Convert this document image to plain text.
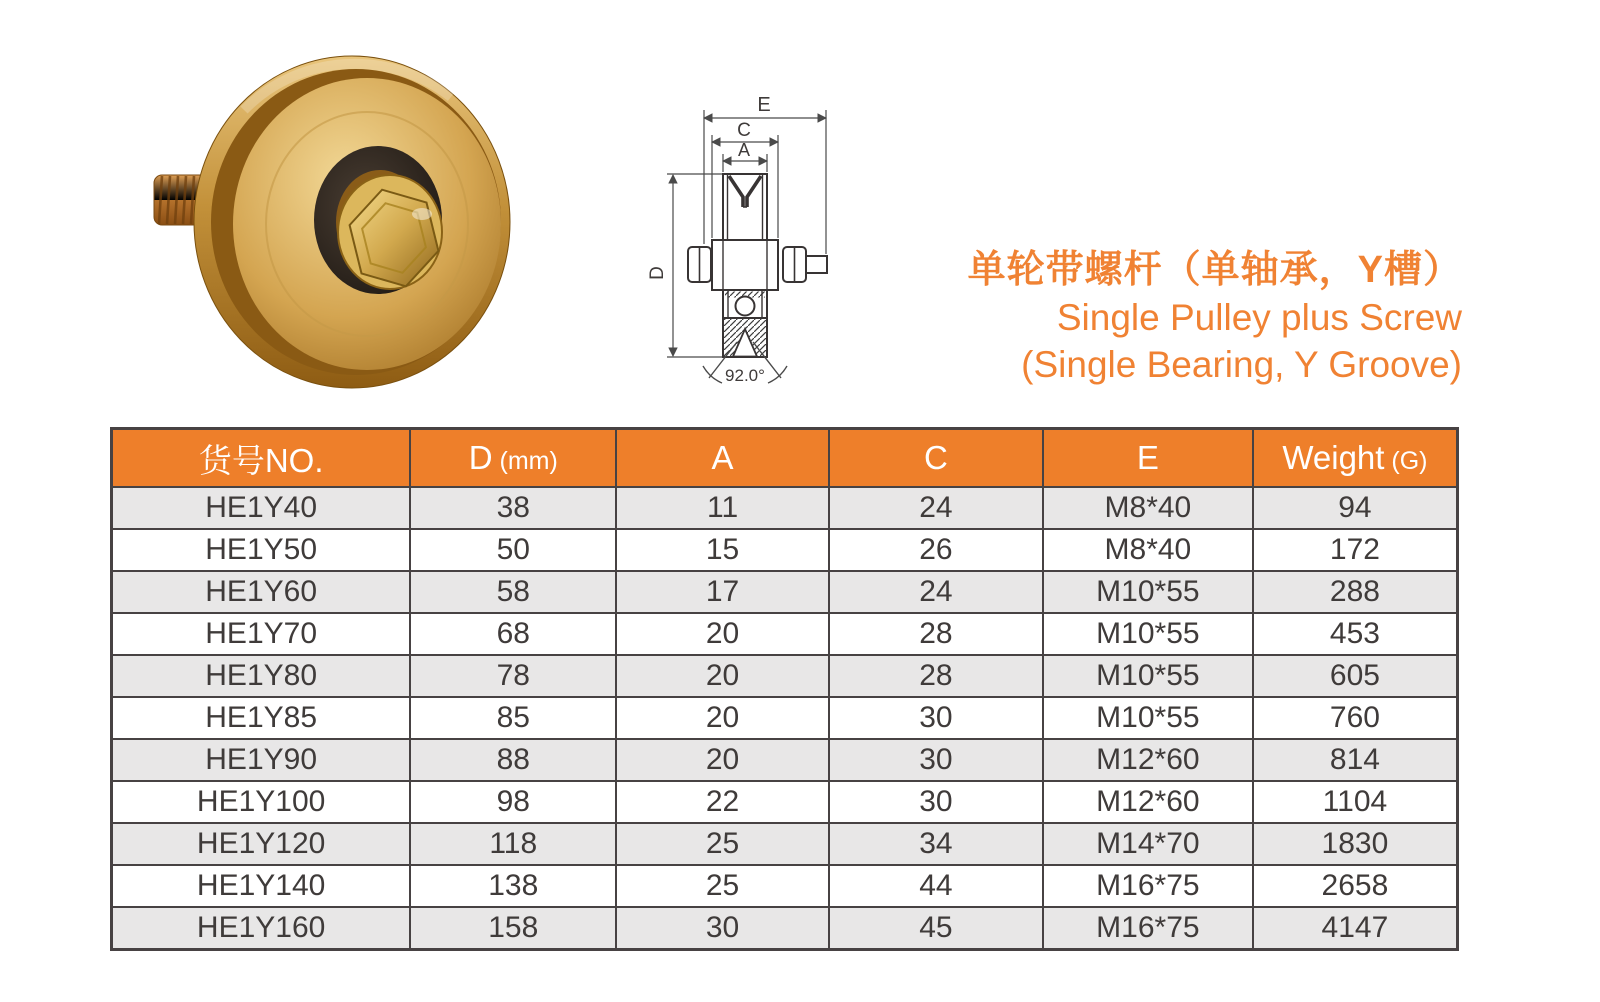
E
C
A
D
92.0°
单轮带螺杆（单轴承，Y槽）
Single Pulley plus Screw
(Single Bearing, Y Groove)
货号NO.	D (mm)	A	C	E	Weight (G)
HE1Y40	38	11	24	M8*40	94
HE1Y50	50	15	26	M8*40	172
HE1Y60	58	17	24	M10*55	288
HE1Y70	68	20	28	M10*55	453
HE1Y80	78	20	28	M10*55	605
HE1Y85	85	20	30	M10*55	760
HE1Y90	88	20	30	M12*60	814
HE1Y100	98	22	30	M12*60	1104
HE1Y120	118	25	34	M14*70	1830
HE1Y140	138	25	44	M16*75	2658
HE1Y160	158	30	45	M16*75	4147
